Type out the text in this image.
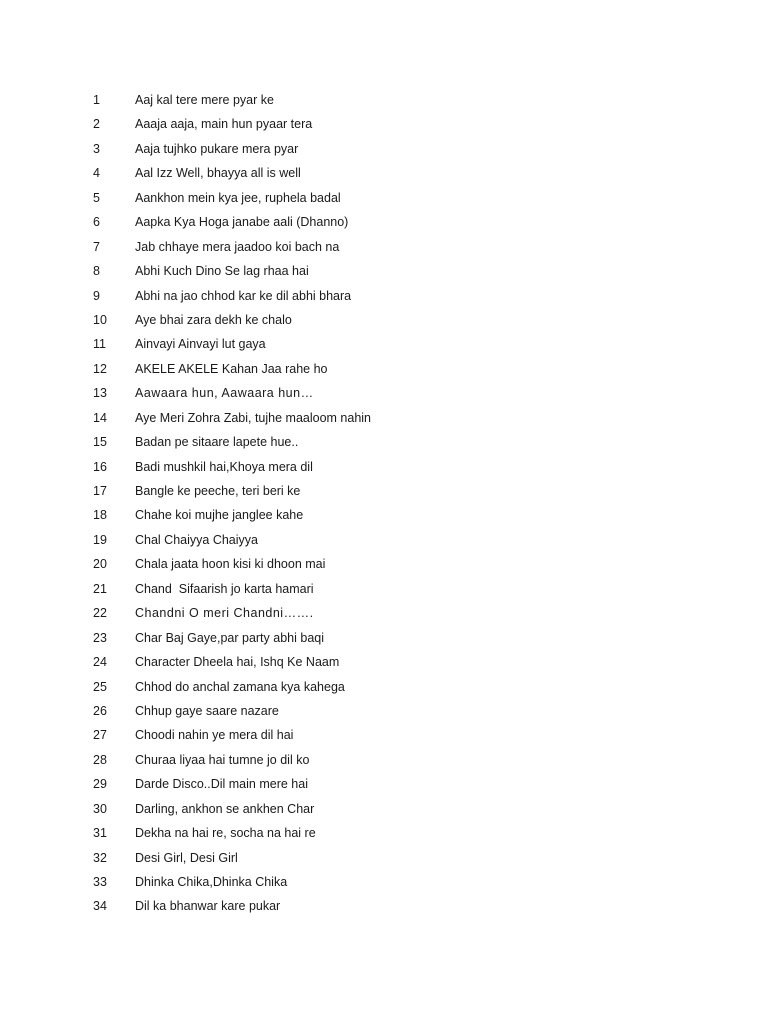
1	Aaj kal tere mere pyar ke
2	Aaaja aaja, main hun pyaar tera
3	Aaja tujhko pukare mera pyar
4	Aal Izz Well, bhayya all is well
5	Aankhon mein kya jee, ruphela badal
6	Aapka Kya Hoga janabe aali (Dhanno)
7	Jab chhaye mera jaadoo koi bach na
8	Abhi Kuch Dino Se lag rhaa hai
9	Abhi na jao chhod kar ke dil abhi bhara
10 Aye bhai zara dekh ke chalo
11 Ainvayi Ainvayi lut gaya
12 AKELE AKELE Kahan Jaa rahe ho
13 Aawaara hun, Aawaara hun…
14 Aye Meri Zohra Zabi, tujhe maaloom nahin
15 Badan pe sitaare lapete hue..
16 Badi mushkil hai,Khoya mera dil
17 Bangle ke peeche, teri beri ke
18 Chahe koi mujhe janglee kahe
19 Chal Chaiyya Chaiyya
20 Chala jaata hoon kisi ki dhoon mai
21 Chand  Sifaarish jo karta hamari
22 Chandni O meri Chandni…….
23 Char Baj Gaye,par party abhi baqi
24 Character Dheela hai, Ishq Ke Naam
25 Chhod do anchal zamana kya kahega
26 Chhup gaye saare nazare
27 Choodi nahin ye mera dil hai
28 Churaa liyaa hai tumne jo dil ko
29 Darde Disco..Dil main mere hai
30 Darling, ankhon se ankhen Char
31 Dekha na hai re, socha na hai re
32 Desi Girl, Desi Girl
33 Dhinka Chika,Dhinka Chika
34 Dil ka bhanwar kare pukar
